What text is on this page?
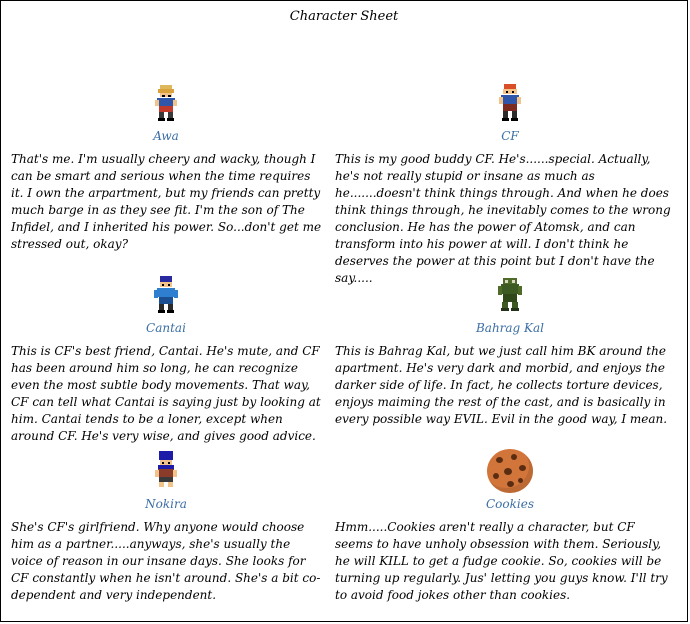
Character Sheet
Awa
That's me. I'm usually cheery and wacky, though I can be smart and serious when the time requires it. I own the arpartment, but my friends can pretty much barge in as they see fit. I'm the son of The Infidel, and I inherited his power. So...don't get me stressed out, okay?
CF
This is my good buddy CF. He's......special. Actually, he's not really stupid or insane as much as he.......doesn't think things through. And when he does think things through, he inevitably comes to the wrong conclusion. He has the power of Atomsk, and can transform into his power at will. I don't think he deserves the power at this point but I don't have the say.....
Cantai
This is CF's best friend, Cantai. He's mute, and CF has been around him so long, he can recognize even the most subtle body movements. That way, CF can tell what Cantai is saying just by looking at him. Cantai tends to be a loner, except when around CF. He's very wise, and gives good advice.
Bahrag Kal
This is Bahrag Kal, but we just call him BK around the apartment. He's very dark and morbid, and enjoys the darker side of life. In fact, he collects torture devices, enjoys maiming the rest of the cast, and is basically in every possible way EVIL. Evil in the good way, I mean.
Nokira
She's CF's girlfriend. Why anyone would choose him as a partner.....anyways, she's usually the voice of reason in our insane days. She looks for CF constantly when he isn't around. She's a bit co-dependent and very independent.
Cookies
Hmm.....Cookies aren't really a character, but CF seems to have unholy obsession with them. Seriously, he will KILL to get a fudge cookie. So, cookies will be turning up regularly. Jus' letting you guys know. I'll try to avoid food jokes other than cookies.
